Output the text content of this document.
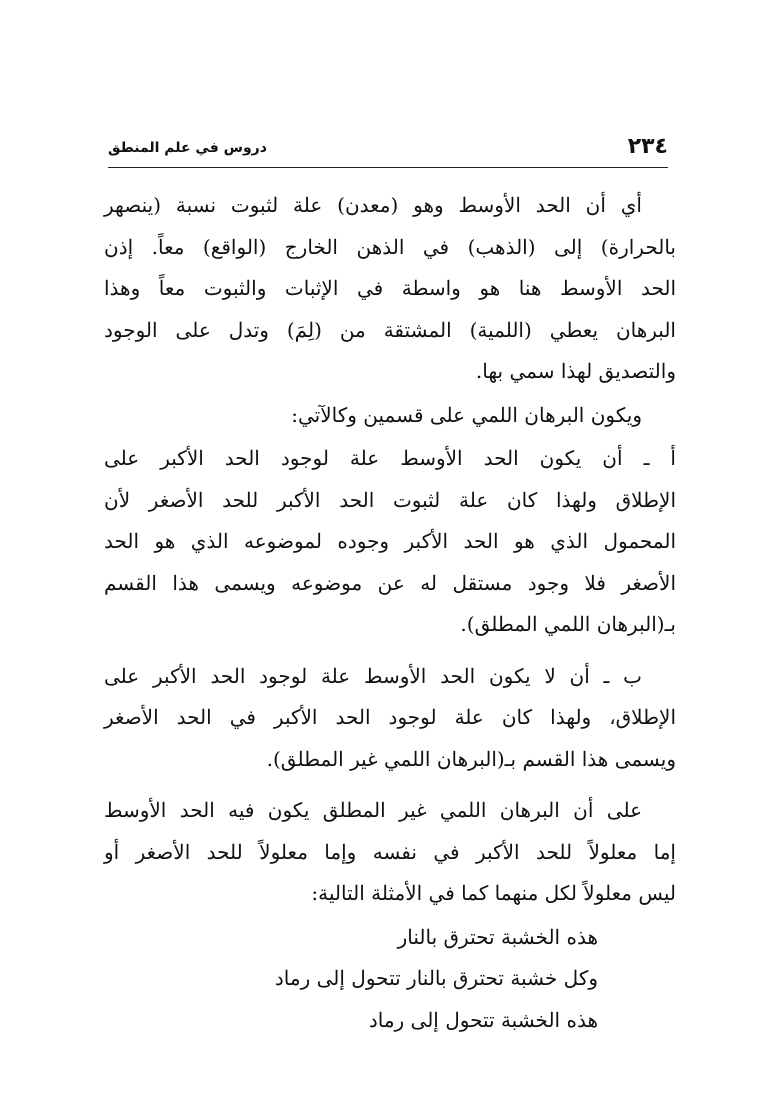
٢٣٤
دروس في علم المنطق
أي أن الحد الأوسط وهو (معدن) علة لثبوت نسبة (ينصهر
بالحرارة) إلى (الذهب) في الذهن الخارج (الواقع) معاً. إذن
الحد الأوسط هنا هو واسطة في الإثبات والثبوت معاً وهذا
البرهان يعطي (اللمية) المشتقة من (لِمَ) وتدل على الوجود
والتصديق لهذا سمي بها.
ويكون البرهان اللمي على قسمين وكالآتي:
أ ـ أن يكون الحد الأوسط علة لوجود الحد الأكبر على
الإطلاق ولهذا كان علة لثبوت الحد الأكبر للحد الأصغر لأن
المحمول الذي هو الحد الأكبر وجوده لموضوعه الذي هو الحد
الأصغر فلا وجود مستقل له عن موضوعه ويسمى هذا القسم
بـ(البرهان اللمي المطلق).
ب ـ أن لا يكون الحد الأوسط علة لوجود الحد الأكبر على
الإطلاق، ولهذا كان علة لوجود الحد الأكبر في الحد الأصغر
ويسمى هذا القسم بـ(البرهان اللمي غير المطلق).
على أن البرهان اللمي غير المطلق يكون فيه الحد الأوسط
إما معلولاً للحد الأكبر في نفسه وإما معلولاً للحد الأصغر أو
ليس معلولاً لكل منهما كما في الأمثلة التالية:
هذه الخشبة تحترق بالنار
وكل خشبة تحترق بالنار تتحول إلى رماد
هذه الخشبة تتحول إلى رماد
